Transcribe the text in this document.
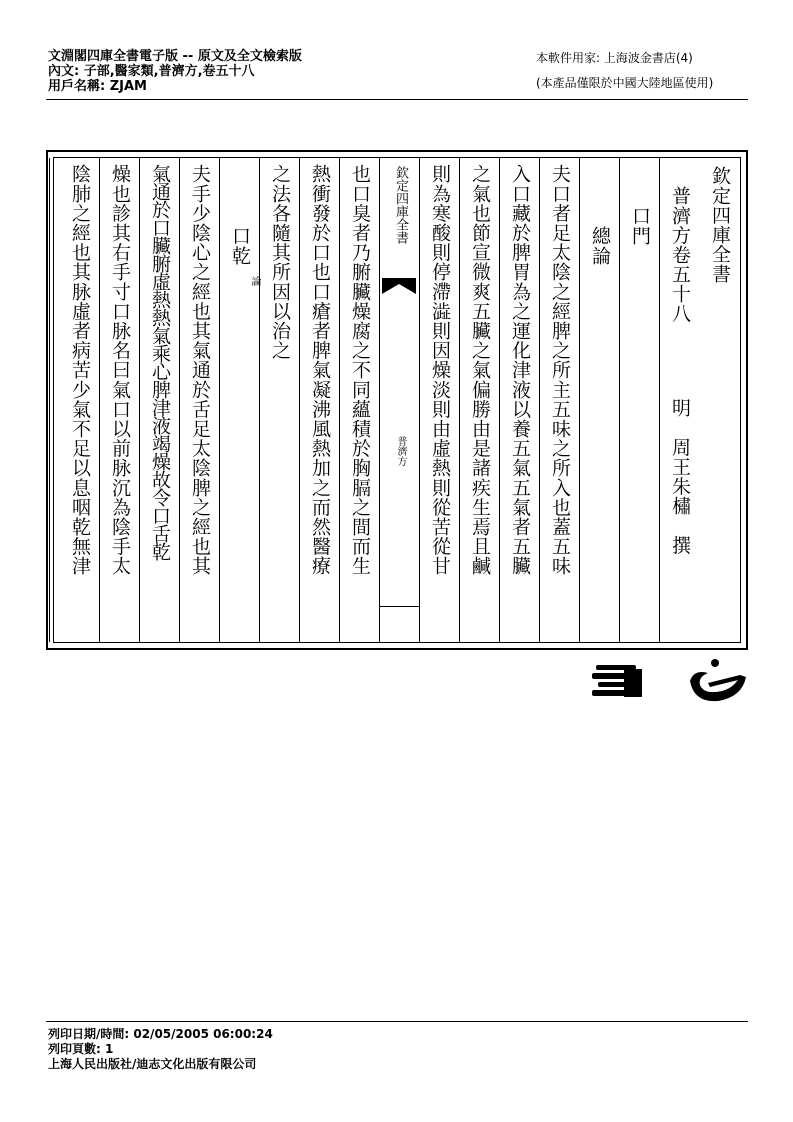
文淵閣四庫全書電子版 -- 原文及全文檢索版
內文: 子部,醫家類,普濟方,卷五十八
用戶名稱: ZJAM
本軟件用家: 上海波金書店(4)
(本產品僅限於中國大陸地區使用)
欽定四庫全書
普濟方卷五十八
明　周王朱橚　撰
口門
總論
夫口者足太陰之經脾之所主五味之所入也蓋五味
入口藏於脾胃為之運化津液以養五氣五氣者五臟
之氣也節宣微爽五臟之氣偏勝由是諸疾生焉且鹹
則為寒酸則停滯澁則因燥淡則由虛熱則從苦從甘
欽定四庫全書
普濟方
也口臭者乃腑臟燥腐之不同蘊積於胸膈之間而生
熱衝發於口也口瘡者脾氣凝沸風熱加之而然醫療
之法各隨其所因以治之
口乾
論
夫手少陰心之經也其氣通於舌足太陰脾之經也其
氣通於口臟腑虛熱熱氣乘心脾津液竭燥故令口舌乾
燥也診其右手寸口脉名曰氣口以前脉沉為陰手太
陰肺之經也其脉虛者病苦少氣不足以息咽乾無津
列印日期/時間: 02/05/2005 06:00:24
列印頁數: 1
上海人民出版社/迪志文化出版有限公司
